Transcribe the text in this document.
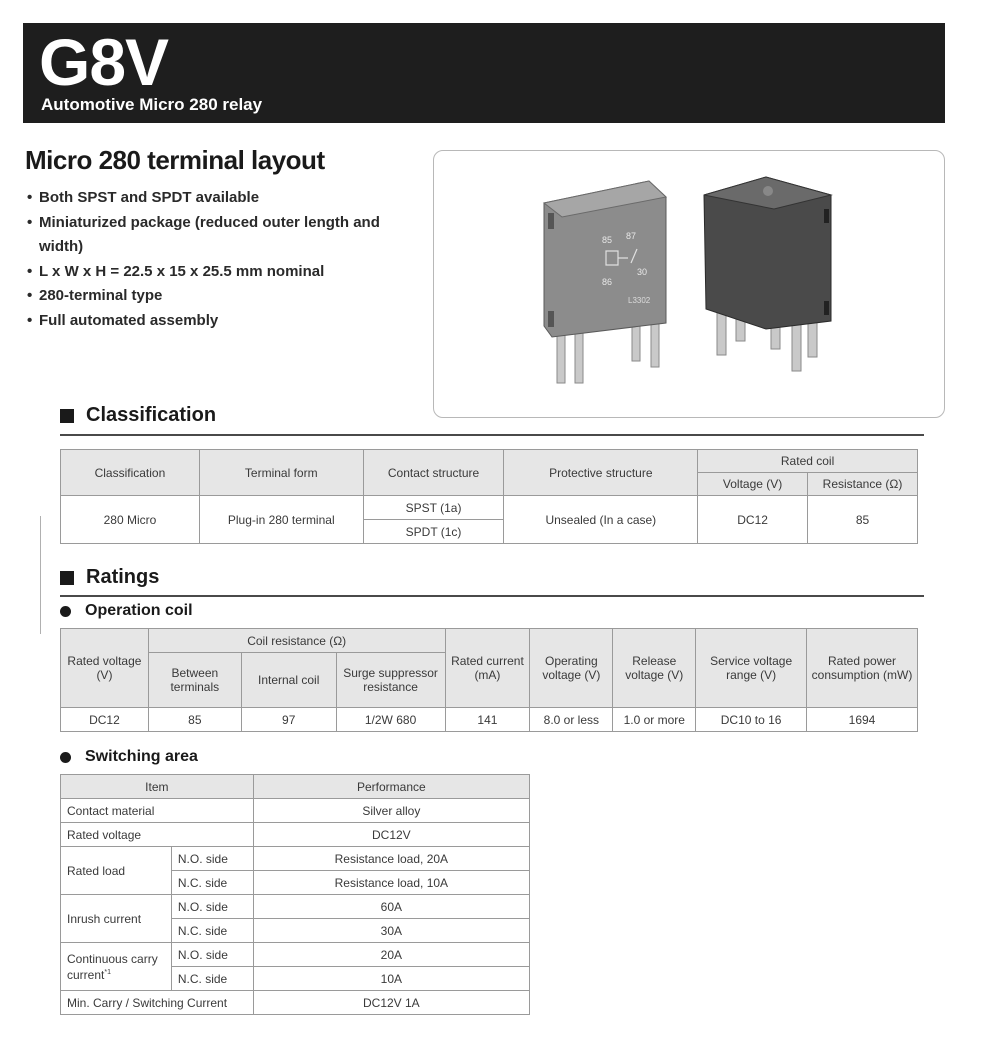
G8V
Automotive Micro 280 relay
Micro 280 terminal layout
• Both SPST and SPDT available
• Miniaturized package (reduced outer length and width)
• L x W x H = 22.5 x 15 x 25.5 mm nominal
• 280-terminal type
• Full automated assembly
85 87
86
30
L3302
Classification
Classification	Terminal form	Contact structure	Protective structure	Rated coil	
				Voltage (V)	Resistance (Ω)
280 Micro	Plug-in 280 terminal	SPST (1a)	Unsealed (In a case)	DC12	85
		SPDT (1c)			
Ratings
Operation coil
Rated voltage (V)	Coil resistance (Ω)			Rated current (mA)	Operating voltage (V)	Release voltage (V)	Service voltage range (V)	Rated power consumption (mW)
	Between terminals	Internal coil	Surge suppressor resistance					
DC12	85	97	1/2W 680	141	8.0 or less	1.0 or more	DC10 to 16	1694
Switching area
Item		Performance
Contact material		Silver alloy
Rated voltage		DC12V
Rated load	N.O. side	Resistance load, 20A
	N.C. side	Resistance load, 10A
Inrush current	N.O. side	60A
	N.C. side	30A
Continuous carry current$^{*1}$	N.O. side	20A
	N.C. side	10A
Min. Carry / Switching Current		DC12V 1A
